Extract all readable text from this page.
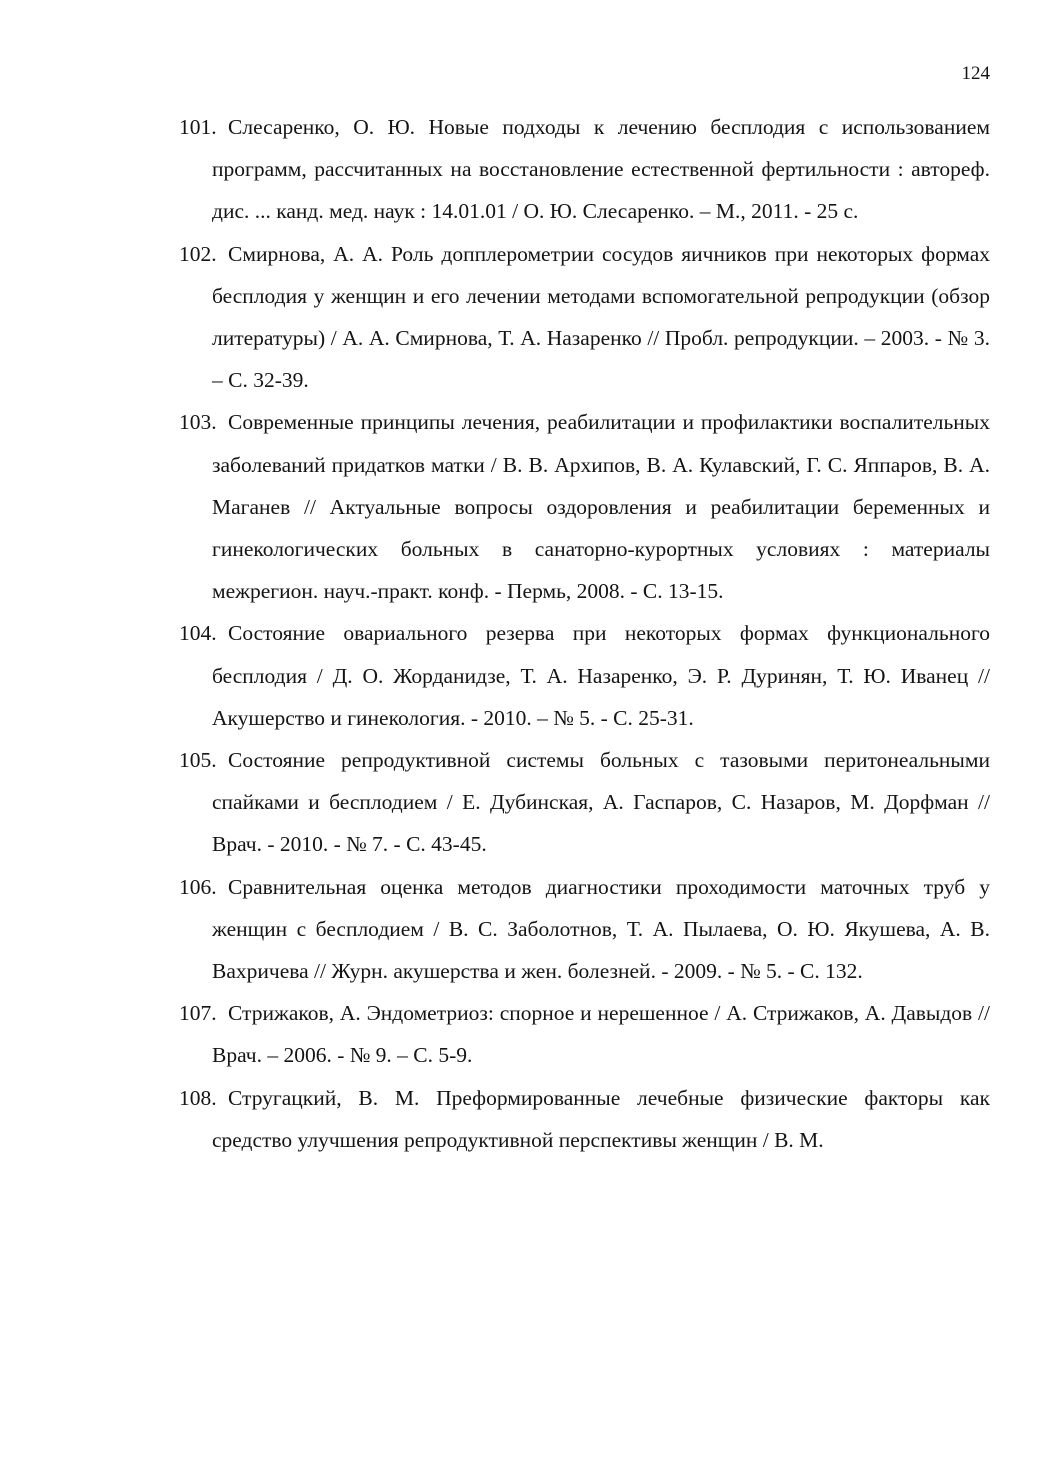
124

101. Слесаренко, О. Ю. Новые подходы к лечению бесплодия с использованием программ, рассчитанных на восстановление естественной фертильности : автореф. дис. ... канд. мед. наук : 14.01.01 / О. Ю. Слесаренко. – М., 2011. - 25 с.

102. Смирнова, А. А. Роль допплерометрии сосудов яичников при некоторых формах бесплодия у женщин и его лечении методами вспомогательной репродукции (обзор литературы) / А. А. Смирнова, Т. А. Назаренко // Пробл. репродукции. – 2003. - № 3. – С. 32-39.

103. Современные принципы лечения, реабилитации и профилактики воспалительных заболеваний придатков матки / В. В. Архипов, В. А. Кулавский, Г. С. Яппаров, В. А. Маганев // Актуальные вопросы оздоровления и реабилитации беременных и гинекологических больных в санаторно-курортных условиях : материалы межрегион. науч.-практ. конф. - Пермь, 2008. - С. 13-15.

104. Состояние овариального резерва при некоторых формах функционального бесплодия / Д. О. Жорданидзе, Т. А. Назаренко, Э. Р. Дуринян, Т. Ю. Иванец // Акушерство и гинекология. - 2010. – № 5. - С. 25-31.

105. Состояние репродуктивной системы больных с тазовыми перитонеальными спайками и бесплодием / Е. Дубинская, А. Гаспаров, С. Назаров, М. Дорфман // Врач. - 2010. - № 7. - С. 43-45.

106. Сравнительная оценка методов диагностики проходимости маточных труб у женщин с бесплодием / В. С. Заболотнов, Т. А. Пылаева, О. Ю. Якушева, А. В. Вахричева // Журн. акушерства и жен. болезней. - 2009. - № 5. - С. 132.

107. Стрижаков, А. Эндометриоз: спорное и нерешенное / А. Стрижаков, А. Давыдов // Врач. – 2006. - № 9. – С. 5-9.

108. Стругацкий, В. М. Преформированные лечебные физические факторы как средство улучшения репродуктивной перспективы женщин / В. М.
